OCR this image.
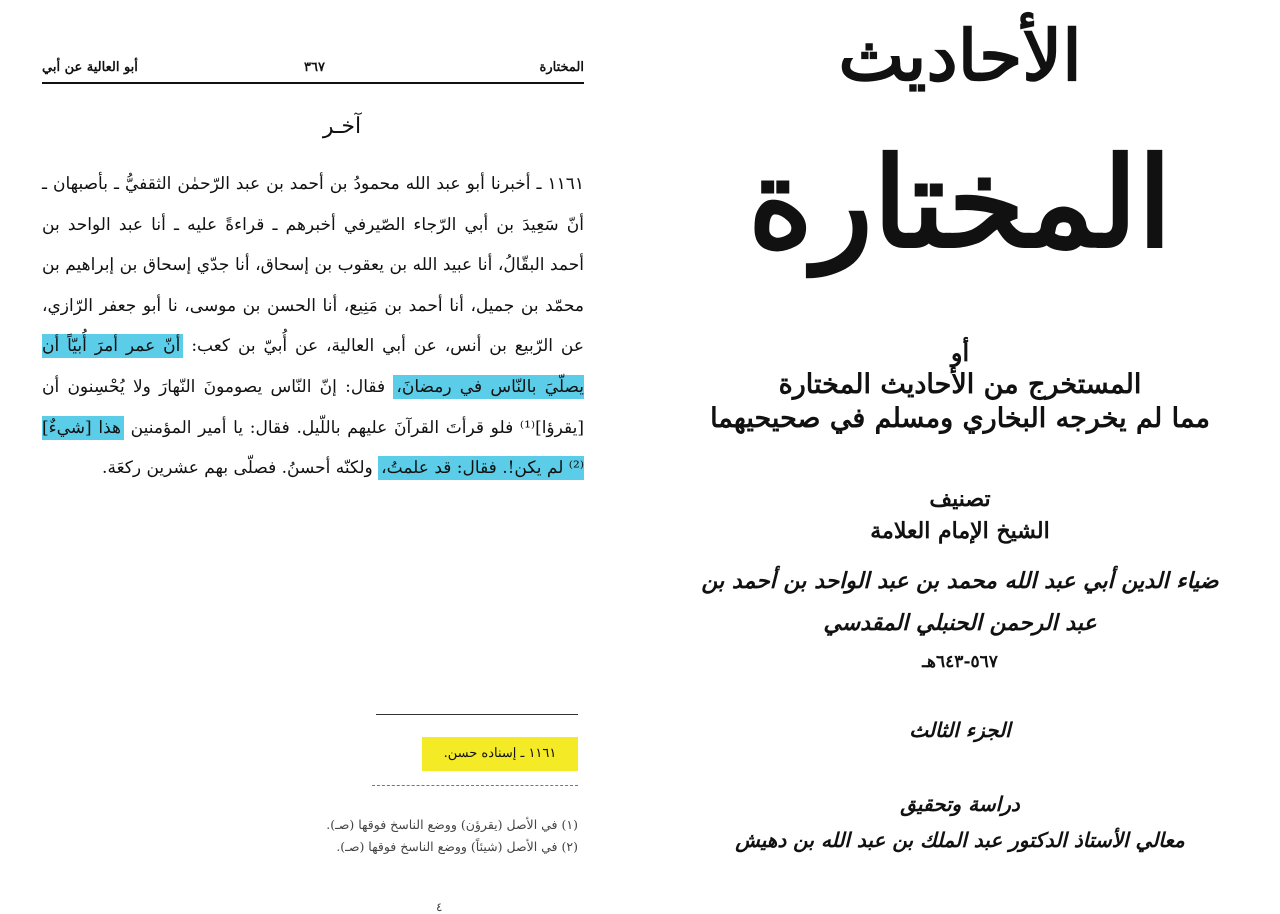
المختارة
٣٦٧
أبو العالية عن أبي
آخـر
١١٦١ ـ أخبرنا أبو عبد الله محمودُ بن أحمد بن عبد الرّحمٰن الثقفيُّ ـ بأصبهان ـ أنّ سَعِيدَ بن أبي الرّجاء الصّيرفي أخبرهم ـ قراءةً عليه ـ أنا عبد الواحد بن أحمد البقّالُ، أنا عبيد الله بن يعقوب بن إسحاق، أنا جدّي إسحاق بن إبراهيم بن محمّد بن جميل، أنا أحمد بن مَنِيع، أنا الحسن بن موسى، نا أبو جعفر الرّازي، عن الرّبيع بن أنس، عن أبي العالية، عن أُبيّ بن كعب: أنّ عمر أمرَ أُبيّاً أن يصلّيَ بالنّاس في رمضانَ، فقال: إنّ النّاس يصومونَ النّهارَ ولا يُحْسِنون أن [يقرؤا]⁽¹⁾ فلو قرأتَ القرآنَ عليهم باللّيل. فقال: يا أمير المؤمنين هذا [شيءٌ]⁽²⁾ لم يكن!. فقال: قد علمتُ، ولكنّه أحسنُ. فصلّى بهم عشرين ركعَة.
١١٦١ ـ إسناده حسن.
(١) في الأصل (يقرؤن) ووضع الناسخ فوقها (صـ).
(٢) في الأصل (شيئاً) ووضع الناسخ فوقها (صـ).
٤
الأحاديث
المختارة
أو
المستخرج من الأحاديث المختارة
مما لم يخرجه البخاري ومسلم في صحيحيهما
تصنيف
الشيخ الإمام العلامة
ضياء الدين أبي عبد الله محمد بن عبد الواحد بن أحمد بن
عبد الرحمن الحنبلي المقدسي
٥٦٧-٦٤٣هـ
الجزء الثالث
دراسة وتحقيق
معالي الأستاذ الدكتور عبد الملك بن عبد الله بن دهيش
